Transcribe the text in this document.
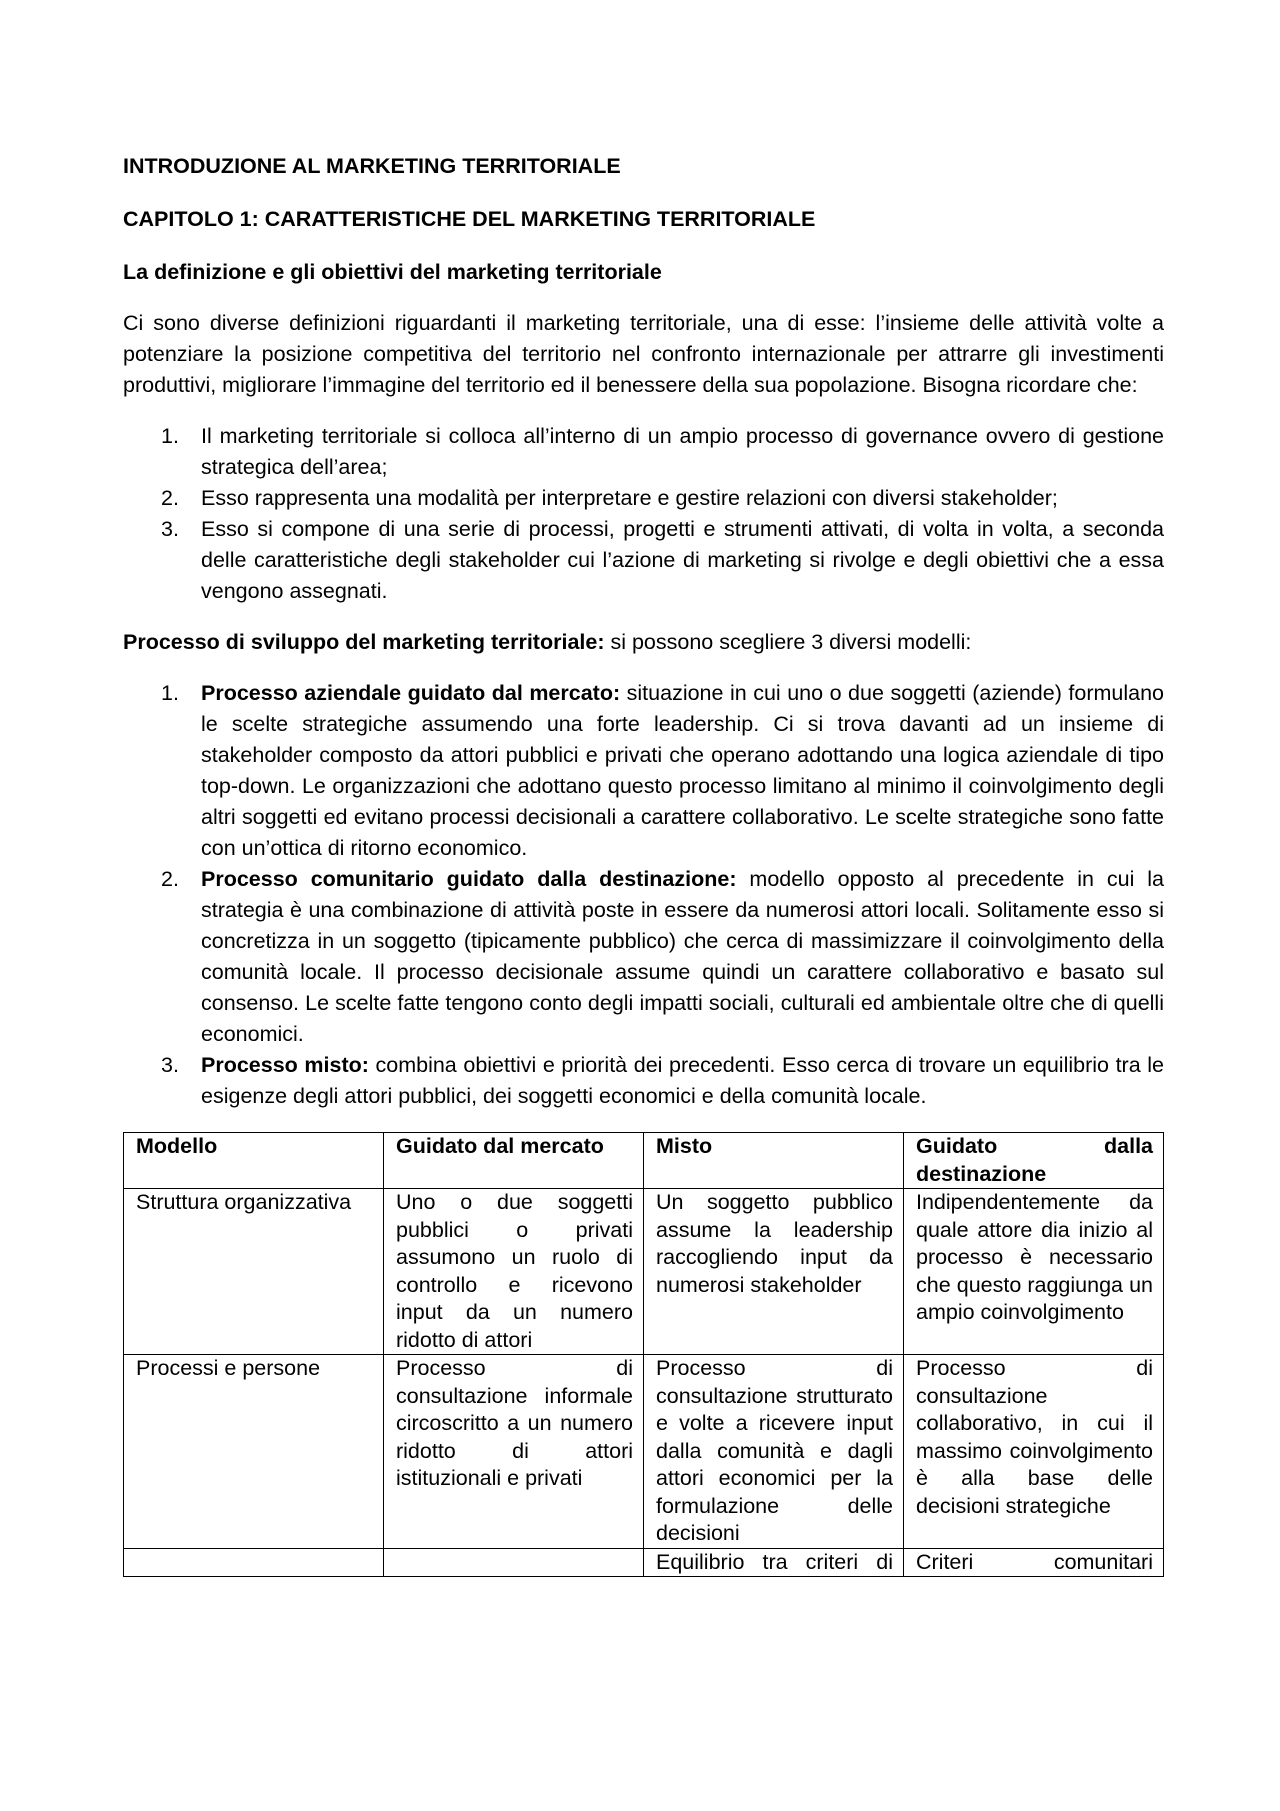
INTRODUZIONE AL MARKETING TERRITORIALE

CAPITOLO 1: CARATTERISTICHE DEL MARKETING TERRITORIALE

La definizione e gli obiettivi del marketing territoriale

Ci sono diverse definizioni riguardanti il marketing territoriale, una di esse: l’insieme delle attività volte a potenziare la posizione competitiva del territorio nel confronto internazionale per attrarre gli investimenti produttivi, migliorare l’immagine del territorio ed il benessere della sua popolazione. Bisogna ricordare che:

1. Il marketing territoriale si colloca all’interno di un ampio processo di governance ovvero di gestione strategica dell’area;
2. Esso rappresenta una modalità per interpretare e gestire relazioni con diversi stakeholder;
3. Esso si compone di una serie di processi, progetti e strumenti attivati, di volta in volta, a seconda delle caratteristiche degli stakeholder cui l’azione di marketing si rivolge e degli obiettivi che a essa vengono assegnati.

Processo di sviluppo del marketing territoriale: si possono scegliere 3 diversi modelli:

1. Processo aziendale guidato dal mercato: situazione in cui uno o due soggetti (aziende) formulano le scelte strategiche assumendo una forte leadership. Ci si trova davanti ad un insieme di stakeholder composto da attori pubblici e privati che operano adottando una logica aziendale di tipo top-down. Le organizzazioni che adottano questo processo limitano al minimo il coinvolgimento degli altri soggetti ed evitano processi decisionali a carattere collaborativo. Le scelte strategiche sono fatte con un’ottica di ritorno economico.
2. Processo comunitario guidato dalla destinazione: modello opposto al precedente in cui la strategia è una combinazione di attività poste in essere da numerosi attori locali. Solitamente esso si concretizza in un soggetto (tipicamente pubblico) che cerca di massimizzare il coinvolgimento della comunità locale. Il processo decisionale assume quindi un carattere collaborativo e basato sul consenso. Le scelte fatte tengono conto degli impatti sociali, culturali ed ambientale oltre che di quelli economici.
3. Processo misto: combina obiettivi e priorità dei precedenti. Esso cerca di trovare un equilibrio tra le esigenze degli attori pubblici, dei soggetti economici e della comunità locale.
Modello	Guidato dal mercato	Misto	Guidato dalla destinazione
Struttura organizzativa	Uno o due soggetti pubblici o privati assumono un ruolo di controllo e ricevono input da un numero ridotto di attori	Un soggetto pubblico assume la leadership raccogliendo input da numerosi stakeholder	Indipendentemente da quale attore dia inizio al processo è necessario che questo raggiunga un ampio coinvolgimento
Processi e persone	Processo di consultazione informale circoscritto a un numero ridotto di attori istituzionali e privati	Processo di consultazione strutturato e volte a ricevere input dalla comunità e dagli attori economici per la formulazione delle decisioni	Processo di consultazione collaborativo, in cui il massimo coinvolgimento è alla base delle decisioni strategiche
		Equilibrio tra criteri di	Criteri comunitari
